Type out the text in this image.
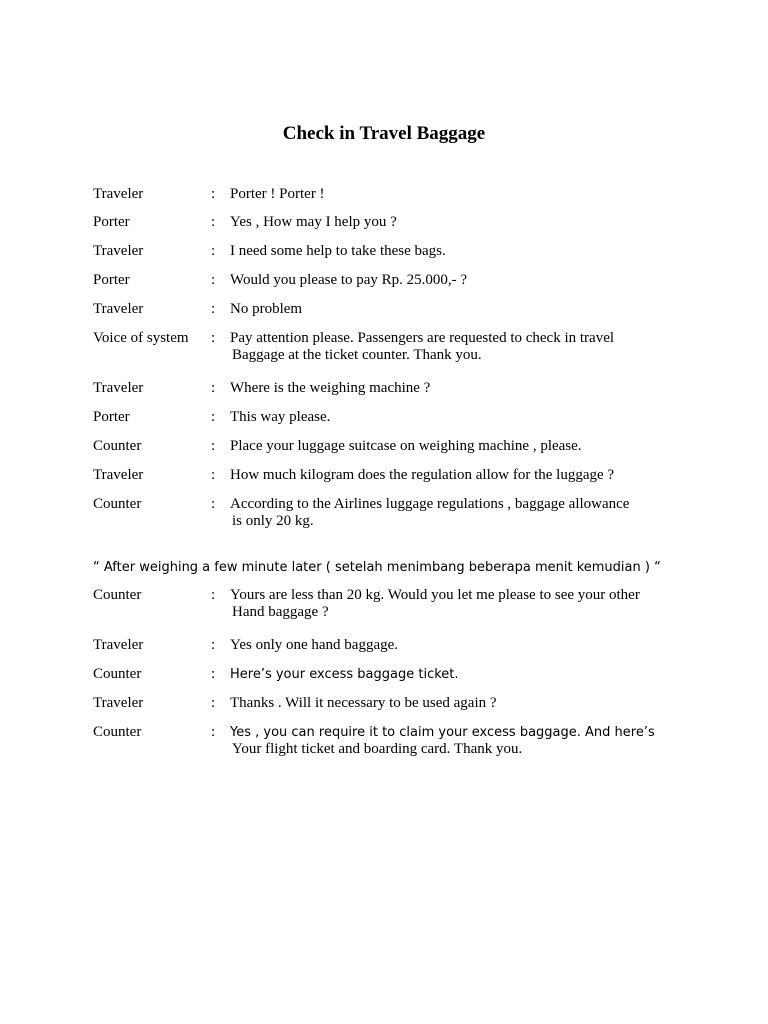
Check in Travel Baggage
Traveler	: Porter ! Porter !
Porter	: Yes , How may I help you ?
Traveler	: I need some help to take these bags.
Porter	: Would you please to pay Rp. 25.000,- ?
Traveler	: No problem
Voice of system : Pay attention please. Passengers are requested to check in travel
Baggage at the ticket counter. Thank you.
Traveler	: Where is the weighing machine ?
Porter	: This way please.
Counter	: Place your luggage suitcase on weighing machine , please.
Traveler	: How much kilogram does the regulation allow for the luggage ?
Counter	: According to the Airlines luggage regulations , baggage allowance
is only 20 kg.
“ After weighing a few minute later ( setelah menimbang beberapa menit kemudian ) “
Counter	: Yours are less than 20 kg. Would you let me please to see your other
Hand baggage ?
Traveler	: Yes only one hand baggage.
Counter	: Here’s your excess baggage ticket.
Traveler	: Thanks . Will it necessary to be used again ?
Counter	: Yes , you can require it to claim your excess baggage. And here’s
Your flight ticket and boarding card. Thank you.
